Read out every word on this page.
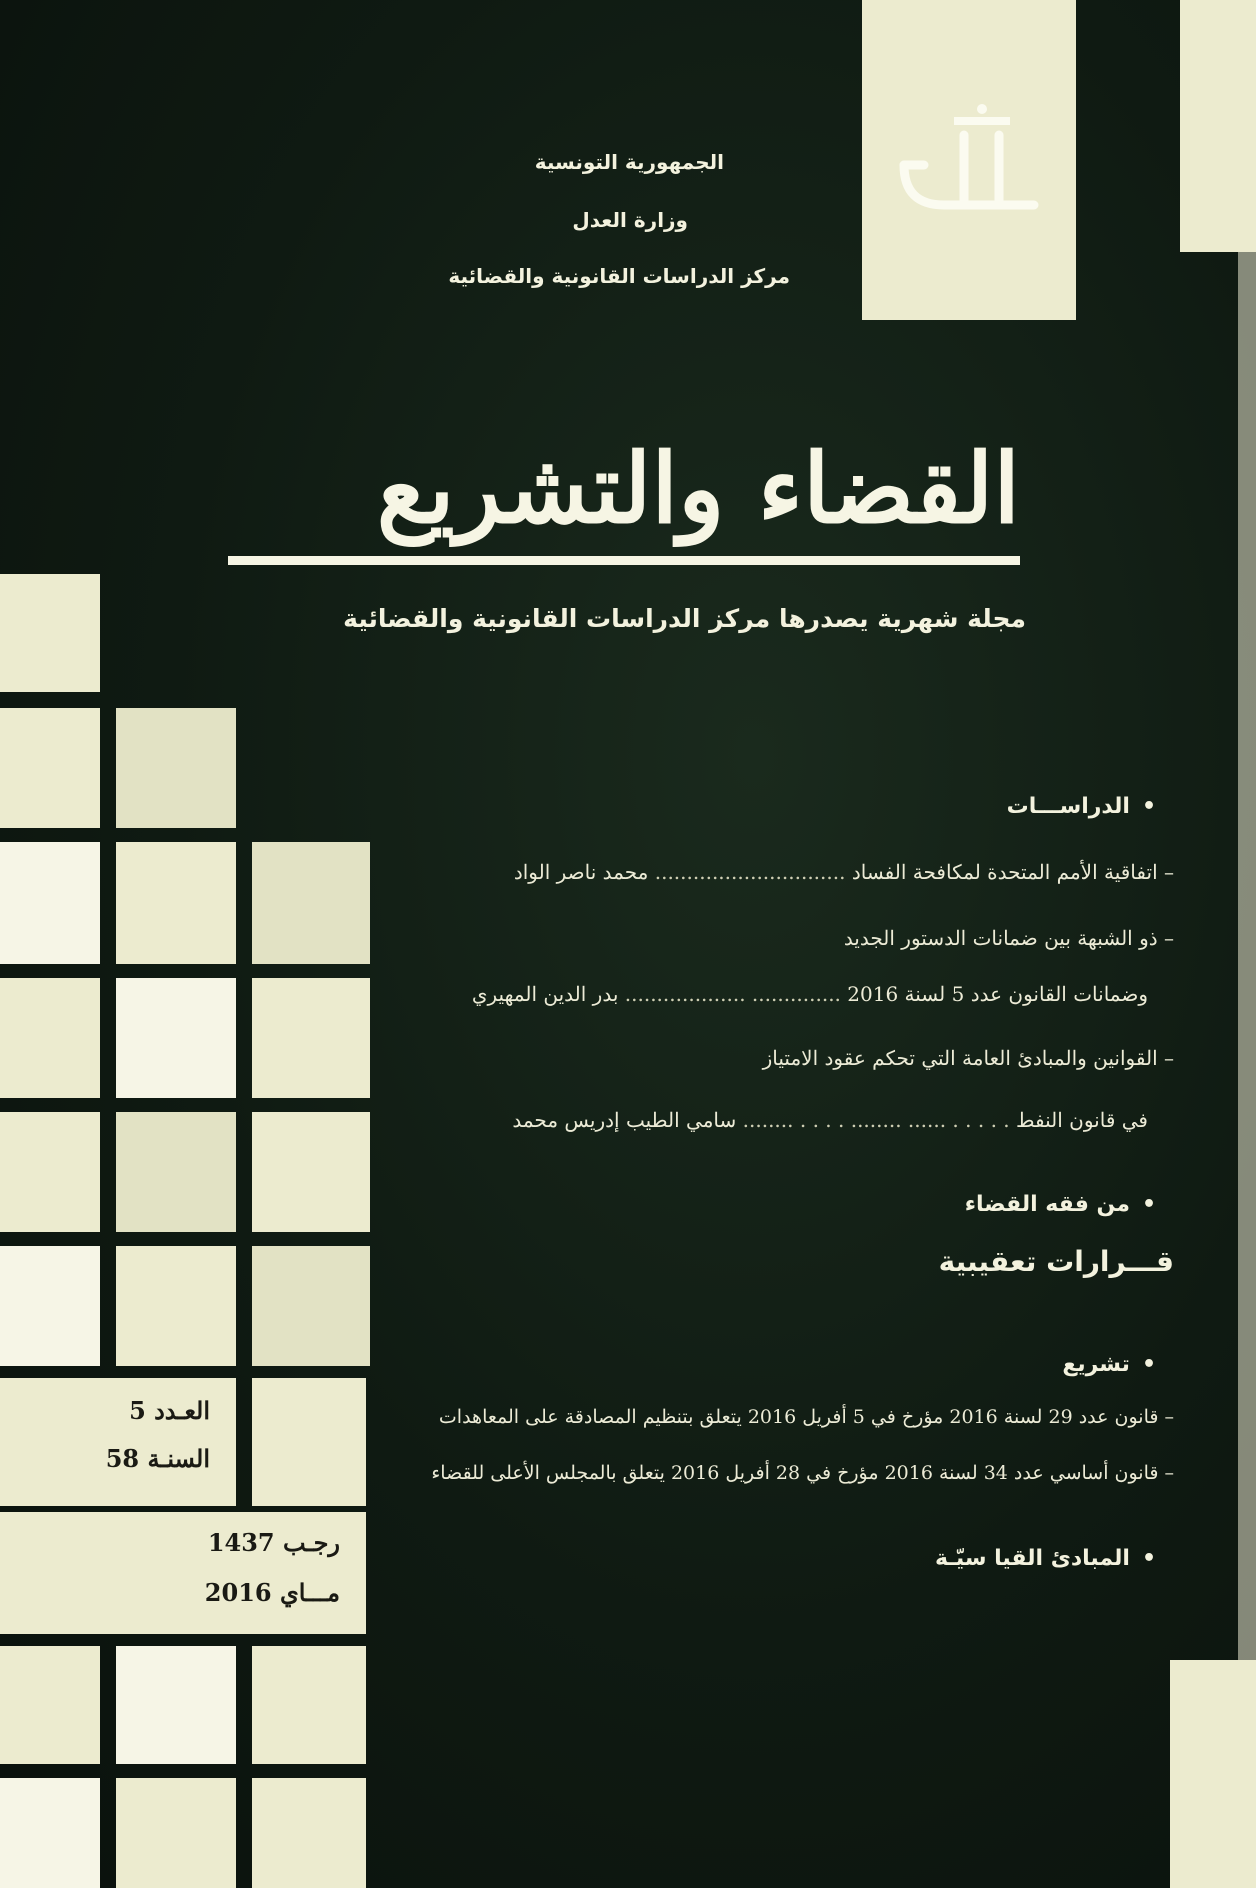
الجمهورية التونسية
وزارة العدل
مركز الدراسات القانونية والقضائية
القضاء والتشريع
مجلة شهرية يصدرها مركز الدراسات القانونية والقضائية
العـدد 5
السنـة 58
رجـب 1437
مـــاي 2016
•الدراســـات
– اتفاقية الأمم المتحدة لمكافحة الفساد .............................. محمد ناصر الواد
– ذو الشبهة بين ضمانات الدستور الجديد
وضمانات القانون عدد 5 لسنة 2016 .............. ................... بدر الدين المهيري
– القوانين والمبادئ العامة التي تحكم عقود الامتياز
في قانون النفط . . . . . ...... ........ . . . . ........ سامي الطيب إدريس محمد
•من فقه القضاء
قـــرارات تعقيبية
•تشريع
– قانون عدد 29 لسنة 2016 مؤرخ في 5 أفريل 2016 يتعلق بتنظيم المصادقة على المعاهدات
– قانون أساسي عدد 34 لسنة 2016 مؤرخ في 28 أفريل 2016 يتعلق بالمجلس الأعلى للقضاء
•المبادئ القيا سيّـة
